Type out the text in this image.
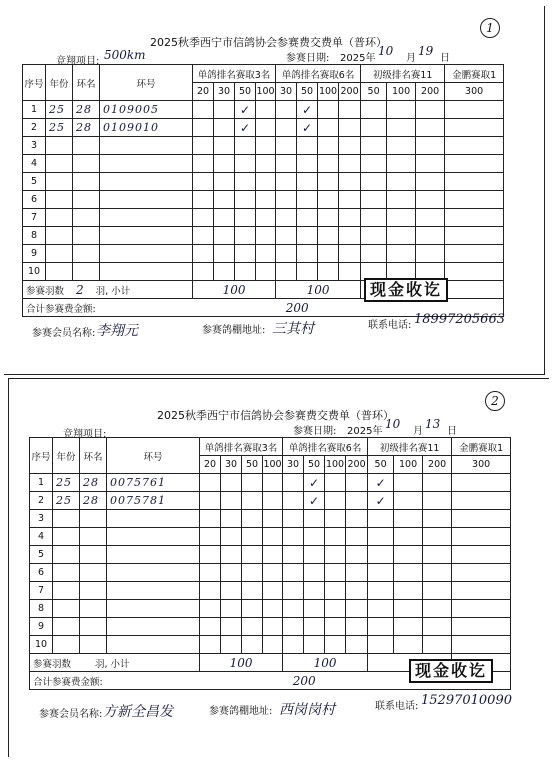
1
2025秋季西宁市信鸽协会参赛费交费单（普环）
竞翔项目: 500km	参赛日期: 2025年
10
月
19
日
序号	年份	环名	环号	单鸽排名赛取3名				单鸽排名赛取6名				初级排名赛11			金鹏赛取1
				20	30	50	100	30	50	100	200	50	100	200	300
1	25	28	0109005			✓			✓						
2	25	28	0109010			✓			✓						
3															
4															
5															
6															
7															
8															
9															
10															
参赛羽数 2 羽, 小计				100				100							
合计参赛费金额: 200															
参赛会员名称: 李翔元	参赛鸽棚地址: 三其村	联系电话: 18997205663
现金收讫
2
2025秋季西宁市信鸽协会参赛费交费单（普环）
竞翔项目:	参赛日期: 2025年
10
月
13
日
序号	年份	环名	环号	单鸽排名赛取3名				单鸽排名赛取6名				初级排名赛11			金鹏赛取1
				20	30	50	100	30	50	100	200	50	100	200	300
1	25	28	0075761						✓			✓			
2	25	28	0075781						✓			✓			
3															
4															
5															
6															
7															
8															
9															
10															
参赛羽数 羽, 小计				100				100							
合计参赛费金额: 200															
参赛会员名称: 方新全昌发	参赛鸽棚地址: 西岗岗村	联系电话: 15297010090
现金收讫
